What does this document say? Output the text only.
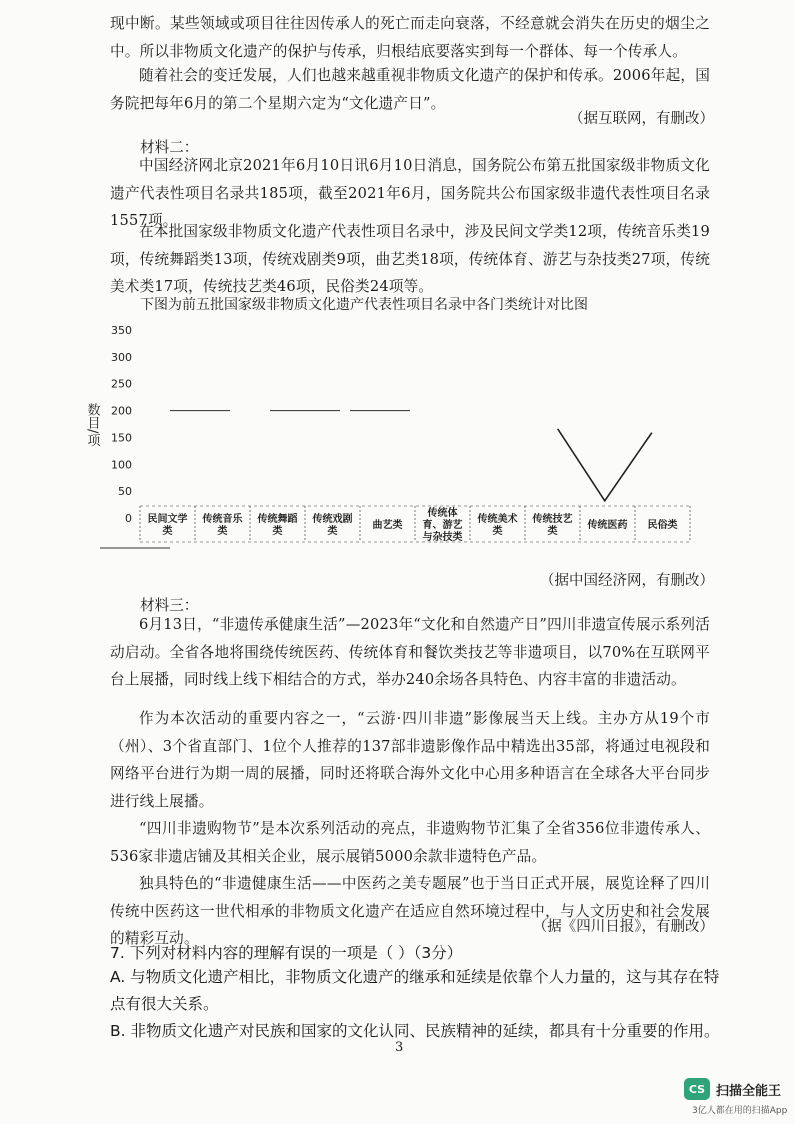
现中断。某些领域或项目往往因传承人的死亡而走向衰落，不经意就会消失在历史的烟尘之中。所以非物质文化遗产的保护与传承，归根结底要落实到每一个群体、每一个传承人。

随着社会的变迁发展，人们也越来越重视非物质文化遗产的保护和传承。2006年起，国务院把每年6月的第二个星期六定为“文化遗产日”。

（据互联网，有删改）
材料二：

中国经济网北京2021年6月10日讯6月10日消息，国务院公布第五批国家级非物质文化遗产代表性项目名录共185项，截至2021年6月，国务院共公布国家级非遗代表性项目名录1557项。

在本批国家级非物质文化遗产代表性项目名录中，涉及民间文学类12项，传统音乐类19项，传统舞蹈类13项，传统戏剧类9项，曲艺类18项，传统体育、游艺与杂技类27项，传统美术类17项，传统技艺类46项，民俗类24项等。

下图为前五批国家级非物质文化遗产代表性项目名录中各门类统计对比图
数目/项
0
50
100
150
200
250
300
350
民间文学
类
传统音乐
类
传统舞蹈
类
传统戏剧
类
曲艺类
传统体
育、游艺
与杂技类
传统美术
类
传统技艺
类
传统医药 民俗类
（据中国经济网，有删改）
材料三：

6月13日，“非遗传承健康生活”—2023年“文化和自然遗产日”四川非遗宣传展示系列活动启动。全省各地将围绕传统医药、传统体育和餐饮类技艺等非遗项目，以70%在互联网平台上展播，同时线上线下相结合的方式，举办240余场各具特色、内容丰富的非遗活动。

作为本次活动的重要内容之一，“云游·四川非遗”影像展当天上线。主办方从19个市（州）、3个省直部门、1位个人推荐的137部非遗影像作品中精选出35部，将通过电视段和网络平台进行为期一周的展播，同时还将联合海外文化中心用多种语言在全球各大平台同步进行线上展播。

“四川非遗购物节”是本次系列活动的亮点，非遗购物节汇集了全省356位非遗传承人、536家非遗店铺及其相关企业，展示展销5000余款非遗特色产品。

独具特色的“非遗健康生活——中医药之美专题展”也于当日正式开展，展览诠释了四川传统中医药这一世代相承的非物质文化遗产在适应自然环境过程中，与人文历史和社会发展的精彩互动。

（据《四川日报》，有删改）
7. 下列对材料内容的理解有误的一项是（ ）（3分）
A. 与物质文化遗产相比，非物质文化遗产的继承和延续是依靠个人力量的，这与其存在特点有很大关系。
B. 非物质文化遗产对民族和国家的文化认同、民族精神的延续，都具有十分重要的作用。
3
CS 扫描全能王
3亿人都在用的扫描App
